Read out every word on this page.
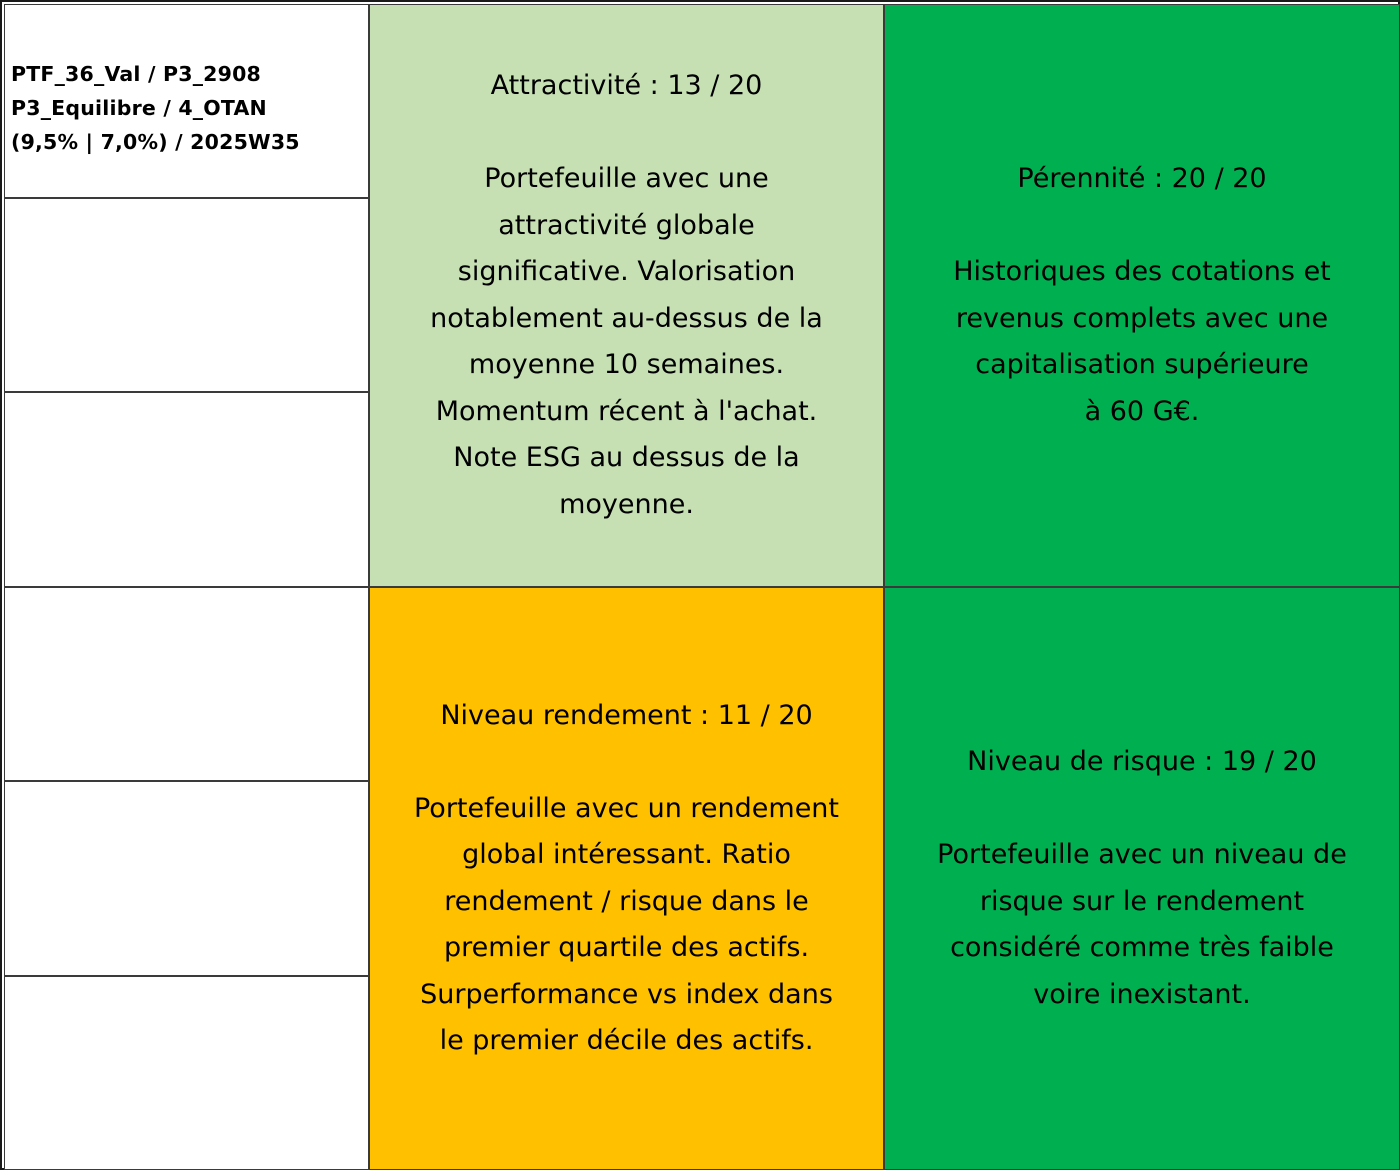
PTF_36_Val / P3_2908
P3_Equilibre / 4_OTAN
(9,5% | 7,0%) / 2025W35
Attractivité : 13 / 20
Portefeuille avec une
attractivité globale
significative. Valorisation
notablement au-dessus de la
moyenne 10 semaines.
Momentum récent à l'achat.
Note ESG au dessus de la
moyenne.
Pérennité : 20 / 20
Historiques des cotations et
revenus complets avec une
capitalisation supérieure
à 60 G€.
Niveau rendement : 11 / 20
Portefeuille avec un rendement
global intéressant. Ratio
rendement / risque dans le
premier quartile des actifs.
Surperformance vs index dans
le premier décile des actifs.
Niveau de risque : 19 / 20
Portefeuille avec un niveau de
risque sur le rendement
considéré comme très faible
voire inexistant.
